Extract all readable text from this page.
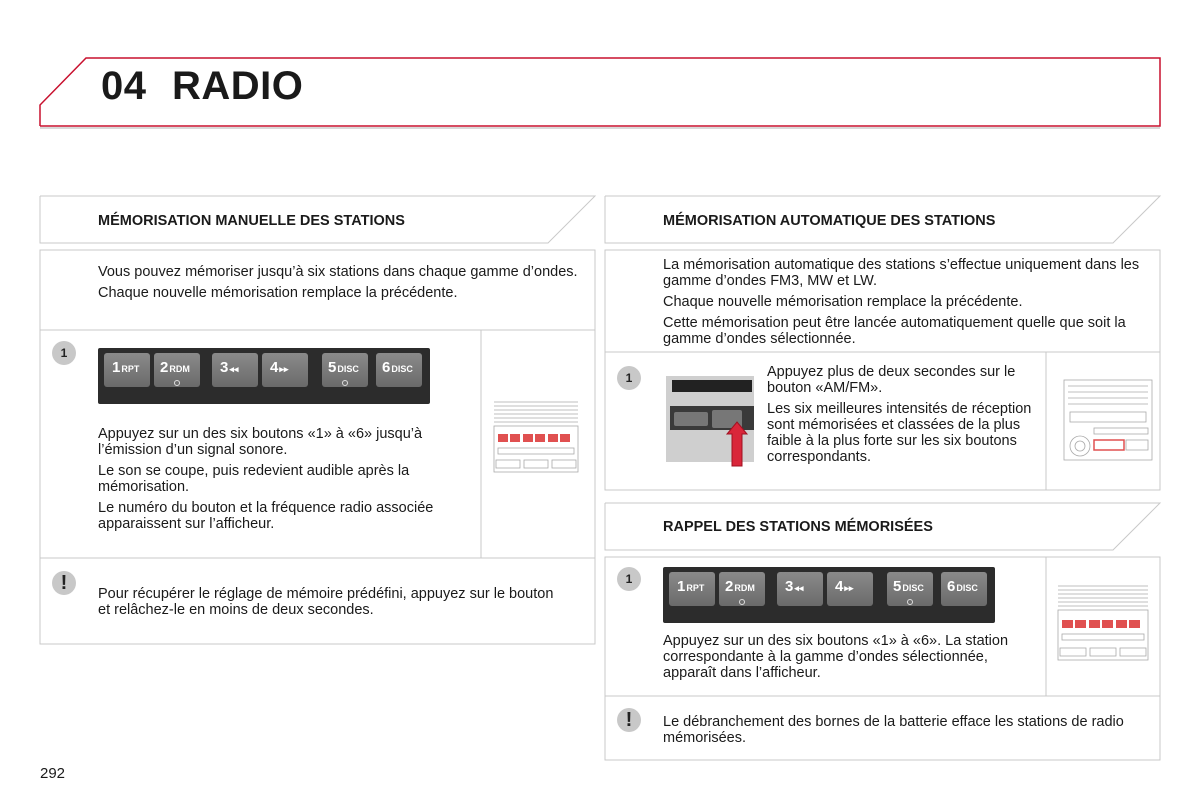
04 RADIO
MÉMORISATION MANUELLE DES STATIONS

Vous pouvez mémoriser jusqu’à six stations dans chaque gamme d’ondes.

Chaque nouvelle mémorisation remplace la précédente.

1
1RPT	2RDM	3◂◂	4▸▸	5DISC	6DISC

Appuyez sur un des six boutons «1» à «6» jusqu’à l’émission d’un signal sonore.

Le son se coupe, puis redevient audible après la mémorisation.

Le numéro du bouton et la fréquence radio associée apparaissent sur l’afficheur.

!	Pour récupérer le réglage de mémoire prédéfini, appuyez sur le bouton et relâchez-le en moins de deux secondes.
MÉMORISATION AUTOMATIQUE DES STATIONS

La mémorisation automatique des stations s’effectue uniquement dans les gamme d’ondes FM3, MW et LW.

Chaque nouvelle mémorisation remplace la précédente.

Cette mémorisation peut être lancée automatiquement quelle que soit la gamme d’ondes sélectionnée.

1	Appuyez plus de deux secondes sur le bouton «AM/FM».

Les six meilleures intensités de réception sont mémorisées et classées de la plus faible à la plus forte sur les six boutons correspondants.

RAPPEL DES STATIONS MÉMORISÉES
1	1RPT	2RDM	3◂◂	4▸▸	5DISC	6DISC
Appuyez sur un des six boutons «1» à «6». La station correspondante à la gamme d’ondes sélectionnée, apparaît dans l’afficheur.
!	Le débranchement des bornes de la batterie efface les stations de radio mémorisées.
292
